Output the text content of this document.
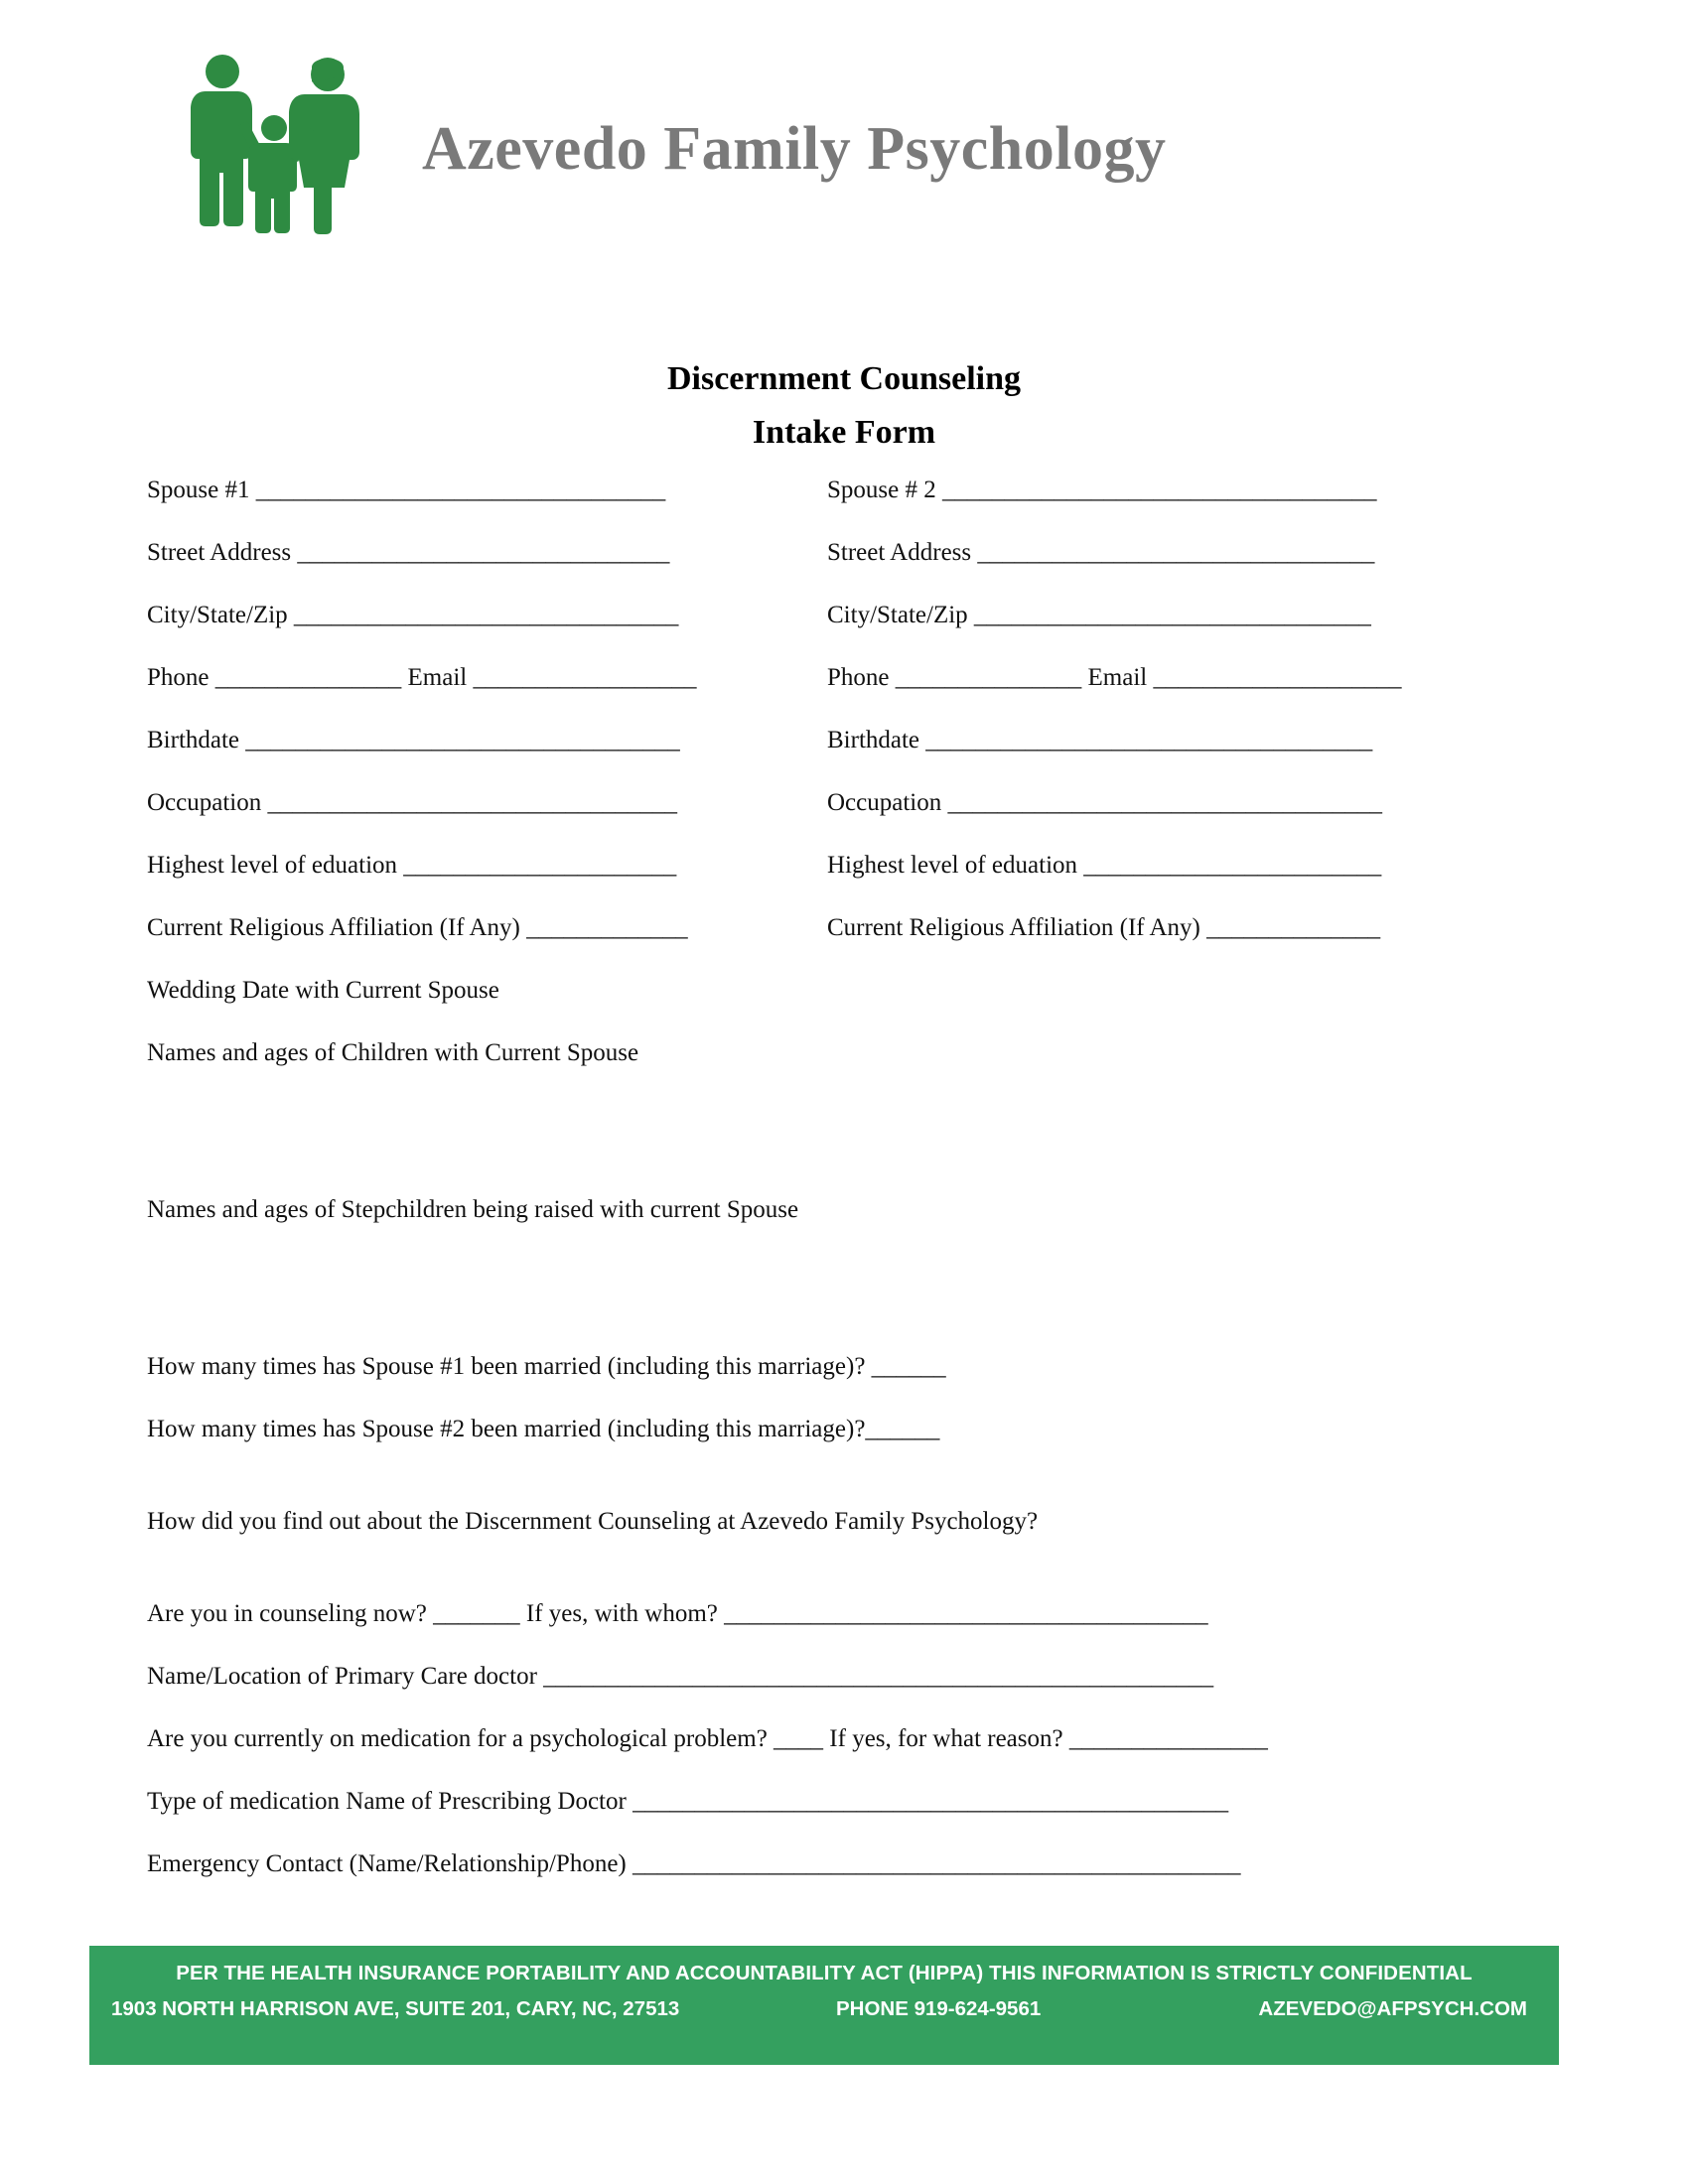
Azevedo Family Psychology
Discernment Counseling
Intake Form
Spouse #1 _________________________________	Spouse # 2 ___________________________________
Street Address ______________________________	Street Address ________________________________
City/State/Zip _______________________________	City/State/Zip ________________________________
Phone _______________ Email __________________	Phone _______________ Email ____________________
Birthdate ___________________________________	Birthdate ____________________________________
Occupation _________________________________	Occupation ___________________________________
Highest level of eduation ______________________	Highest level of eduation ________________________
Current Religious Affiliation (If Any) _____________	Current Religious Affiliation (If Any) ______________
Wedding Date with Current Spouse
Names and ages of Children with Current Spouse
Names and ages of Stepchildren being raised with current Spouse
How many times has Spouse #1 been married (including this marriage)? ______
How many times has Spouse #2 been married (including this marriage)?______
How did you find out about the Discernment Counseling at Azevedo Family Psychology?
Are you in counseling now? _______ If yes, with whom? _______________________________________
Name/Location of Primary Care doctor ______________________________________________________
Are you currently on medication for a psychological problem? ____ If yes, for what reason? ________________
Type of medication Name of Prescribing Doctor ________________________________________________
Emergency Contact (Name/Relationship/Phone) _________________________________________________
PER THE HEALTH INSURANCE PORTABILITY AND ACCOUNTABILITY ACT (HIPPA) THIS INFORMATION IS STRICTLY CONFIDENTIAL
1903 NORTH HARRISON AVE, SUITE 201, CARY, NC, 27513	PHONE 919-624-9561	AZEVEDO@AFPSYCH.COM
